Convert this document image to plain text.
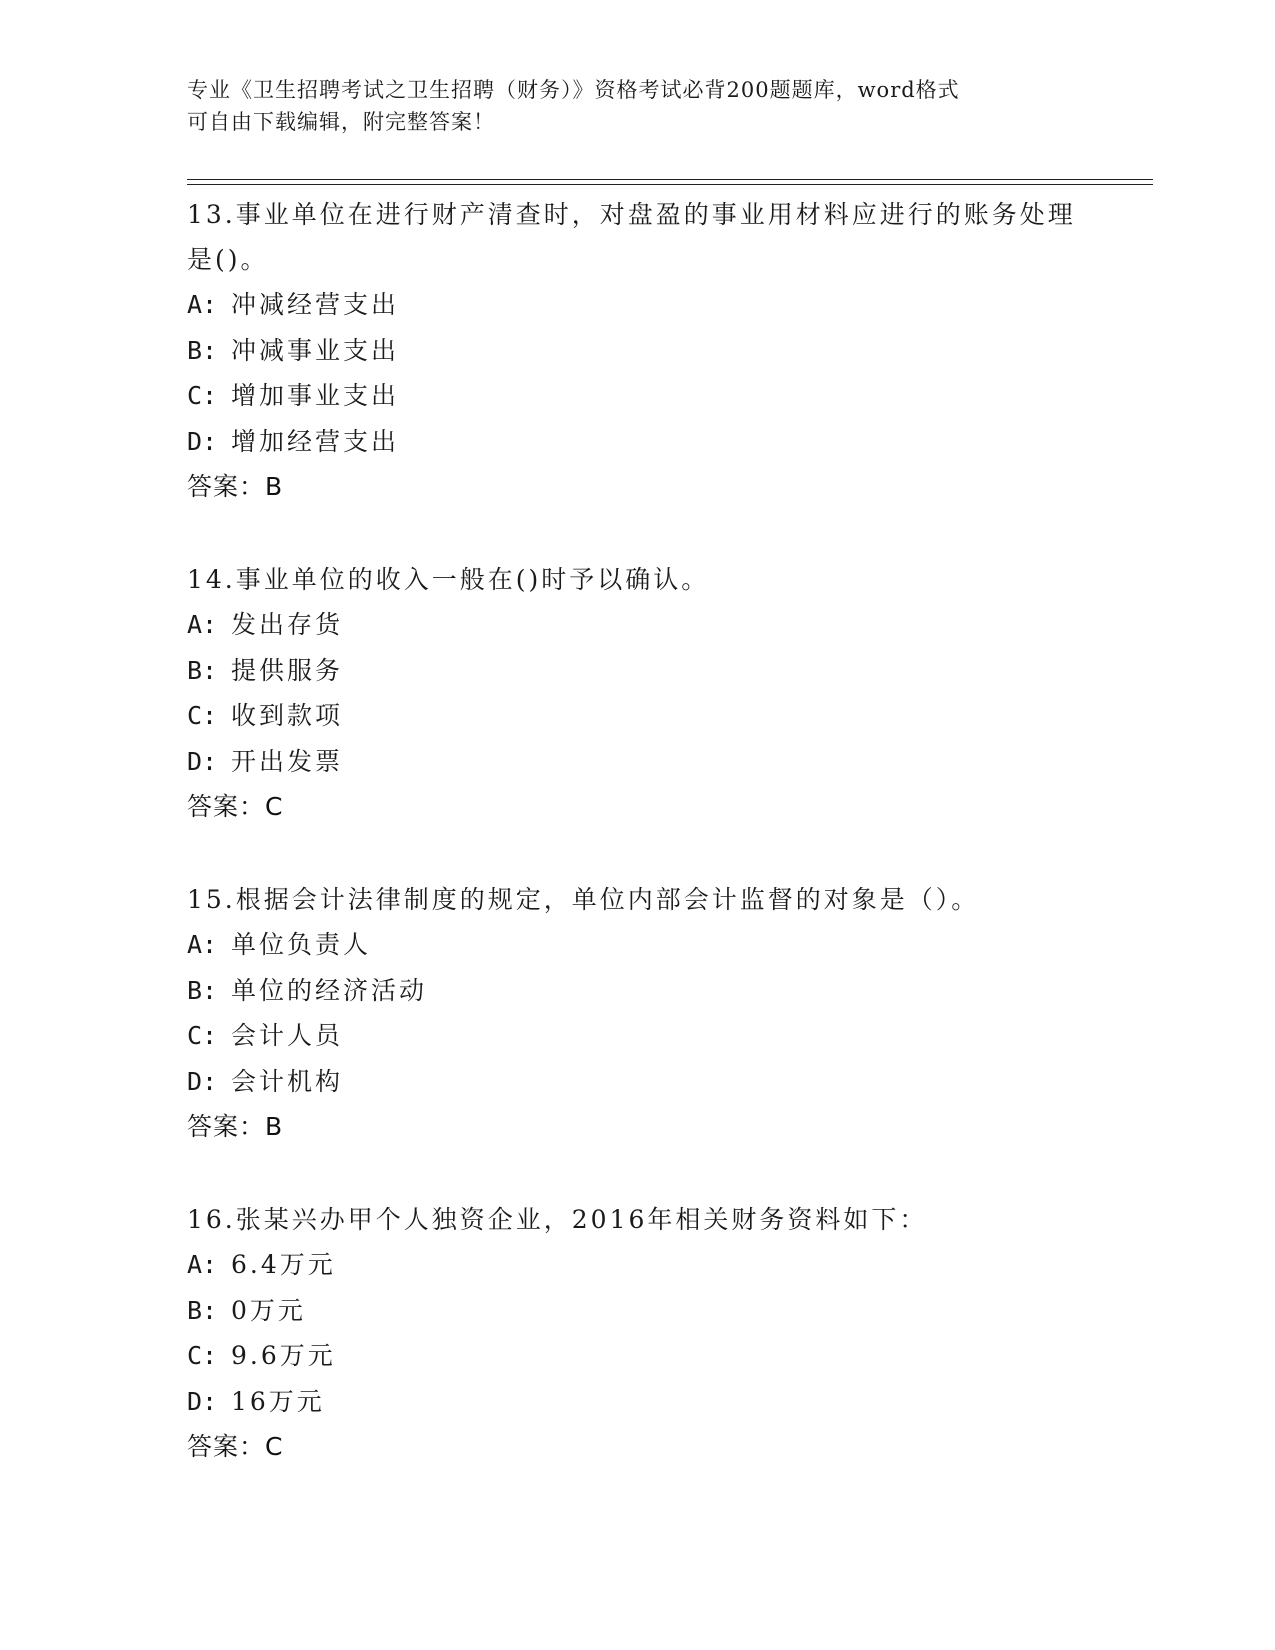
专业《卫生招聘考试之卫生招聘（财务）》资格考试必背200题题库，word格式
可自由下载编辑，附完整答案！

13.事业单位在进行财产清查时，对盘盈的事业用材料应进行的账务处理是()。

A: 冲减经营支出

B: 冲减事业支出

C: 增加事业支出

D: 增加经营支出

答案：B

14.事业单位的收入一般在()时予以确认。

A: 发出存货

B: 提供服务

C: 收到款项

D: 开出发票

答案：C

15.根据会计法律制度的规定，单位内部会计监督的对象是（）。

A: 单位负责人

B: 单位的经济活动

C: 会计人员

D: 会计机构

答案：B

16.张某兴办甲个人独资企业，2016年相关财务资料如下：

A: 6.4万元

B: 0万元

C: 9.6万元

D: 16万元

答案：C
